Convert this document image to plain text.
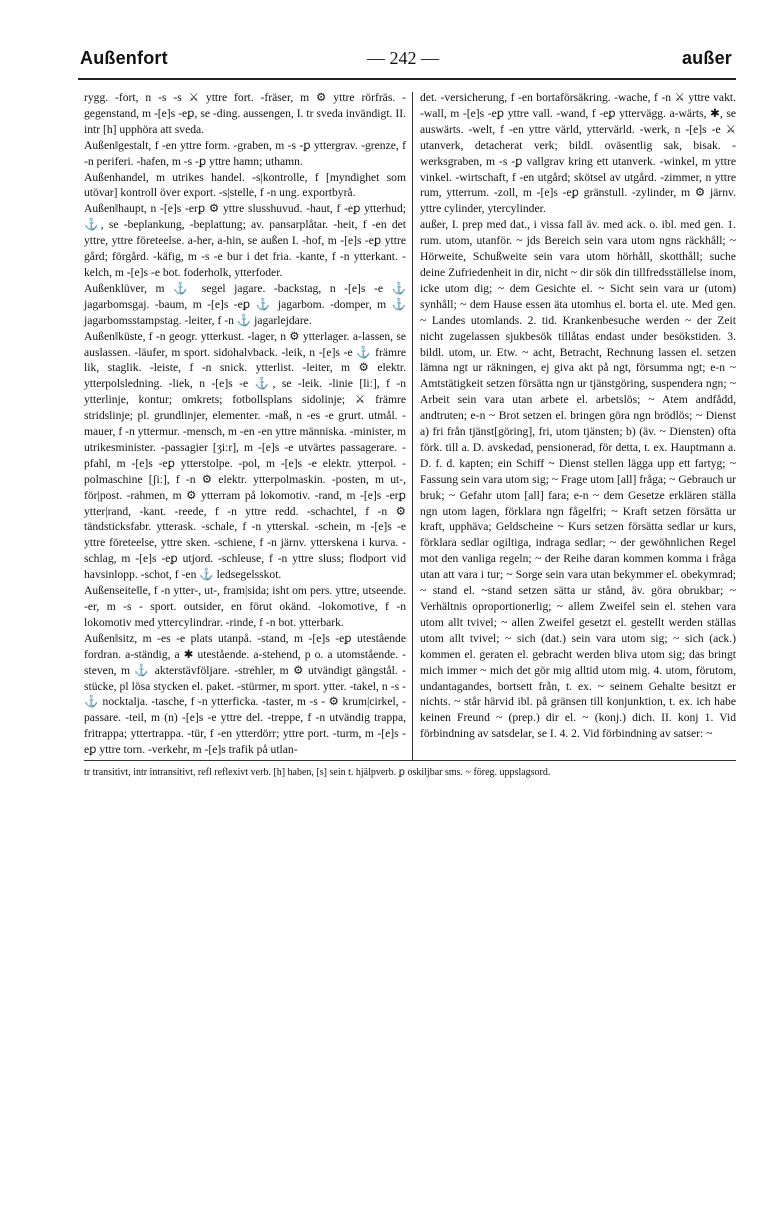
Außenfort	— 242 —	außer

rygg. -fort, n -s -s ⚔ yttre fort. -fräser, m ⚙ yttre rörfräs. -gegenstand, m -[e]s -eꝑ, se -ding. aussengen, I. tr sveda invändigt. II. intr [h] upphöra att sveda.

Außen‖gestalt, f -en yttre form. -graben, m -s -ꝑ yttergrav. -grenze, f -n periferi. -hafen, m -s -ꝑ yttre hamn; uthamn.

Außenhandel, m utrikes handel. -s|kontrolle, f [myndighet som utövar] kontroll över export. -s|stelle, f -n ung. exportbyrå.

Außen‖haupt, n -[e]s -erꝑ ⚙ yttre slusshuvud. -haut, f -eꝑ ytterhud; ⚓, se -beplankung, -beplattung; av. pansarplåtar. -heit, f -en det yttre, yttre företeelse. a-her, a-hin, se außen I. -hof, m -[e]s -eꝑ yttre gård; förgård. -käfig, m -s -e bur i det fria. -kante, f -n ytterkant. -kelch, m -[e]s -e bot. foderholk, ytterfoder.

Außenklüver, m ⚓ segel jagare. -backstag, n -[e]s -e ⚓ jagarbomsgaj. -baum, m -[e]s -eꝑ ⚓ jagarbom. -domper, m ⚓ jagarbomsstampstag. -leiter, f -n ⚓ jagarlejdare.

Außen‖küste, f -n geogr. ytterkust. -lager, n ⚙ ytterlager. a-lassen, se auslassen. -läufer, m sport. sidohalvback. -leik, n -[e]s -e ⚓ främre lik, staglik. -leiste, f -n snick. ytterlist. -leiter, m ⚙ elektr. ytterpolsledning. -liek, n -[e]s -e ⚓, se -leik. -linie [liː], f -n ytterlinje, kontur; omkrets; fotbollsplans sidolinje; ⚔ främre stridslinje; pl. grundlinjer, elementer. -maß, n -es -e grurt. utmål. -mauer, f -n yttermur. -mensch, m -en -en yttre människa. -minister, m utrikesminister. -passagier [ʒiːr], m -[e]s -e utvärtes passagerare. -pfahl, m -[e]s -eꝑ ytterstolpe. -pol, m -[e]s -e elektr. ytterpol. -polmaschine [ʃiː], f -n ⚙ elektr. ytterpolmaskin. -posten, m ut-, för|post. -rahmen, m ⚙ ytterram på lokomotiv. -rand, m -[e]s -erꝑ ytter|rand, -kant. -reede, f -n yttre redd. -schachtel, f -n ⚙ tändsticksfabr. ytterask. -schale, f -n ytterskal. -schein, m -[e]s -e yttre företeelse, yttre sken. -schiene, f -n järnv. ytterskena i kurva. -schlag, m -[e]s -eꝑ utjord. -schleuse, f -n yttre sluss; flodport vid havsinlopp. -schot, f -en ⚓ ledsegelsskot.

Außenseite‖le, f -n ytter-, ut-, fram|sida; isht om pers. yttre, utseende. -er, m -s - sport. outsider, en förut okänd. -lokomotive, f -n lokomotiv med yttercylindrar. -rinde, f -n bot. ytterbark.

Außen‖sitz, m -es -e plats utanpå. -stand, m -[e]s -eꝑ utestående fordran. a-ständig, a ✱ utestående. a-stehend, p o. a utomstående. -steven, m ⚓ akterstävföljare. -strehler, m ⚙ utvändigt gängstål. -stücke, pl lösa stycken el. paket. -stürmer, m sport. ytter. -takel, n -s - ⚓ nocktalja. -tasche, f -n ytterficka. -taster, m -s - ⚙ krum|cirkel, -passare. -teil, m (n) -[e]s -e yttre del. -treppe, f -n utvändig trappa, fritrappa; yttertrappa. -tür, f -en ytterdörr; yttre port. -turm, m -[e]s -eꝑ yttre torn. -verkehr, m -[e]s trafik på utlan-

det. -versicherung, f -en bortaförsäkring. -wache, f -n ⚔ yttre vakt. -wall, m -[e]s -eꝑ yttre vall. -wand, f -eꝑ yttervägg. a-wärts, ✱, se auswärts. -welt, f -en yttre värld, yttervärld. -werk, n -[e]s -e ⚔ utanverk, detacherat verk; bildl. oväsentlig sak, bisak. -werksgraben, m -s -ꝑ vallgrav kring ett utanverk. -winkel, m yttre vinkel. -wirtschaft, f -en utgård; skötsel av utgård. -zimmer, n yttre rum, ytterrum. -zoll, m -[e]s -eꝑ gränstull. -zylinder, m ⚙ järnv. yttre cylinder, ytercylinder.

außer, I. prep med dat., i vissa fall äv. med ack. o. ibl. med gen. 1. rum. utom, utanför. ~ jds Bereich sein vara utom ngns räckhåll; ~ Hörweite, Schußweite sein vara utom hörhåll, skotthåll; suche deine Zufriedenheit in dir, nicht ~ dir sök din tillfredsställelse inom, icke utom dig; ~ dem Gesichte el. ~ Sicht sein vara ur (utom) synhåll; ~ dem Hause essen äta utomhus el. borta el. ute. Med gen. ~ Landes utomlands. 2. tid. Krankenbesuche werden ~ der Zeit nicht zugelassen sjukbesök tillåtas endast under besökstiden. 3. bildl. utom, ur. Etw. ~ acht, Betracht, Rechnung lassen el. setzen lämna ngt ur räkningen, ej giva akt på ngt, försumma ngt; e-n ~ Amtstätigkeit setzen försätta ngn ur tjänstgöring, suspendera ngn; ~ Arbeit sein vara utan arbete el. arbetslös; ~ Atem andfådd, andtruten; e-n ~ Brot setzen el. bringen göra ngn brödlös; ~ Dienst a) fri från tjänst[göring], fri, utom tjänsten; b) (äv. ~ Diensten) ofta förk. till a. D. avskedad, pensionerad, för detta, t. ex. Hauptmann a. D. f. d. kapten; ein Schiff ~ Dienst stellen lägga upp ett fartyg; ~ Fassung sein vara utom sig; ~ Frage utom [all] fråga; ~ Gebrauch ur bruk; ~ Gefahr utom [all] fara; e-n ~ dem Gesetze erklären ställa ngn utom lagen, förklara ngn fågelfri; ~ Kraft setzen försätta ur kraft, upphäva; Geldscheine ~ Kurs setzen försätta sedlar ur kurs, förklara sedlar ogiltiga, indraga sedlar; ~ der gewöhnlichen Regel mot den vanliga regeln; ~ der Reihe daran kommen komma i fråga utan att vara i tur; ~ Sorge sein vara utan bekymmer el. obekymrad; ~ stand el. ~stand setzen sätta ur stånd, äv. göra obrukbar; ~ Verhältnis oproportionerlig; ~ allem Zweifel sein el. stehen vara utom allt tvivel; ~ allen Zweifel gesetzt el. gestellt werden ställas utom allt tvivel; ~ sich (dat.) sein vara utom sig; ~ sich (ack.) kommen el. geraten el. gebracht werden bliva utom sig; das bringt mich immer ~ mich det gör mig alltid utom mig. 4. utom, förutom, undantagandes, bortsett från, t. ex. ~ seinem Gehalte besitzt er nichts. ~ står härvid ibl. på gränsen till konjunktion, t. ex. ich habe keinen Freund ~ (prep.) dir el. ~ (konj.) dich. II. konj 1. Vid förbindning av satsdelar, se I. 4. 2. Vid förbindning av satser: ~

tr transitivt, intr intransitivt, refl reflexivt verb. [h] haben, [s] sein t. hjälpverb. ꝑ oskiljbar sms. ~ föreg. uppslagsord.
